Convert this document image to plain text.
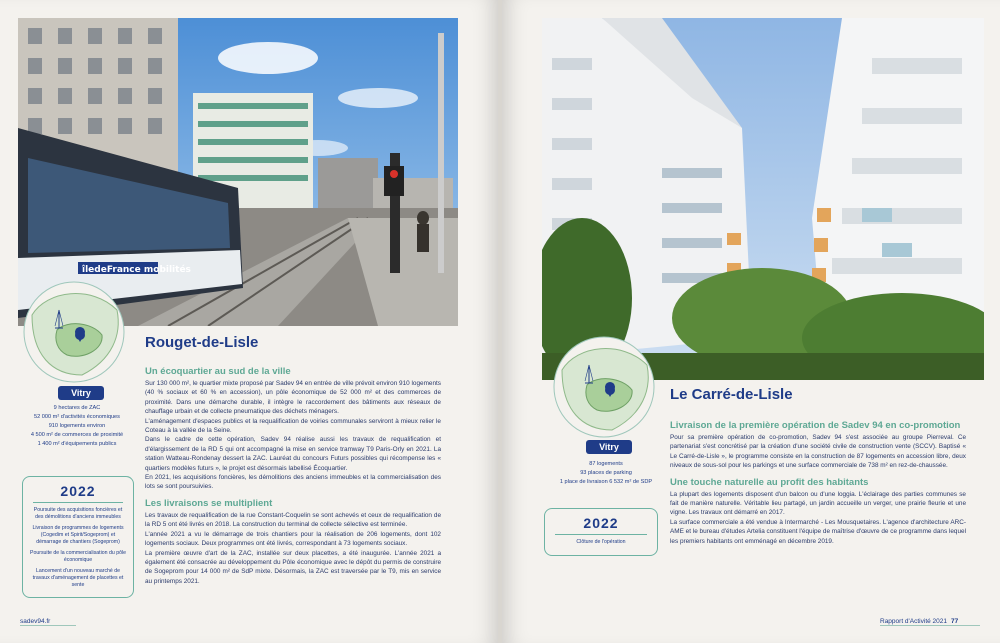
îledeFrance mobilités
Vitry
9 hectares de ZAC
52 000 m² d'activités économiques
910 logements environ
4 500 m² de commerces de proximité
1 400 m² d'équipements publics
2022
Poursuite des acquisitions foncières et des démolitions d'anciens immeubles
Livraison de programmes de logements (Cogedim et Spirit/Sogeprom) et démarrage de chantiers (Sogeprom)
Poursuite de la commercialisation du pôle économique
Lancement d'un nouveau marché de travaux d'aménagement de placettes et sente
Rouget-de-Lisle
Un écoquartier au sud de la ville

Sur 130 000 m², le quartier mixte proposé par Sadev 94 en entrée de ville prévoit environ 910 logements (40 % sociaux et 60 % en accession), un pôle économique de 52 000 m² et des commerces de proximité. Dans une démarche durable, il intègre le raccordement des bâtiments aux réseaux de chauffage urbain et de collecte pneumatique des déchets ménagers.

L'aménagement d'espaces publics et la requalification de voiries communales serviront à mieux relier le Coteau à la vallée de la Seine.

Dans le cadre de cette opération, Sadev 94 réalise aussi les travaux de requalification et d'élargissement de la RD 5 qui ont accompagné la mise en service tramway T9 Paris-Orly en 2021. La station Watteau-Rondenay dessert la ZAC. Lauréat du concours Futurs possibles qui récompense les « quartiers modèles futurs », le projet est désormais labellisé Écoquartier.

En 2021, les acquisitions foncières, les démolitions des anciens immeubles et la commercialisation des lots se sont poursuivies.

Les livraisons se multiplient

Les travaux de requalification de la rue Constant-Coquelin se sont achevés et ceux de requalification de la RD 5 ont été livrés en 2018. La construction du terminal de collecte sélective est terminée.

L'année 2021 a vu le démarrage de trois chantiers pour la réalisation de 206 logements, dont 102 logements sociaux. Deux programmes ont été livrés, correspondant à 73 logements sociaux.

La première œuvre d'art de la ZAC, installée sur deux placettes, a été inaugurée. L'année 2021 a également été consacrée au développement du Pôle économique avec le dépôt du permis de construire de Sogeprom pour 14 000 m² de SdP mixte. Désormais, la ZAC est traversée par le T9, mis en service au printemps 2021.

sadev94.fr
Vitry
87 logements
93 places de parking
1 place de livraison 6 532 m² de SDP
2022
Clôture de l'opération
Le Carré-de-Lisle
Livraison de la première opération de Sadev 94 en co-promotion

Pour sa première opération de co-promotion, Sadev 94 s'est associée au groupe Pierreval. Ce partenariat s'est concrétisé par la création d'une société civile de construction vente (SCCV). Baptisé « Le Carré-de-Lisle », le programme consiste en la construction de 87 logements en accession libre, deux niveaux de sous-sol pour les parkings et une surface commerciale de 738 m² en rez-de-chaussée.

Une touche naturelle au profit des habitants

La plupart des logements disposent d'un balcon ou d'une loggia. L'éclairage des parties communes se fait de manière naturelle. Véritable lieu partagé, un jardin accueille un verger, une prairie fleurie et une vigne. Les travaux ont démarré en 2017.

La surface commerciale a été vendue à Intermarché - Les Mousquetaires. L'agence d'architecture ARC-AME et le bureau d'études Artelia constituent l'équipe de maîtrise d'œuvre de ce programme dans lequel les premiers habitants ont emménagé en décembre 2019.

Rapport d'Activité 2021 77
